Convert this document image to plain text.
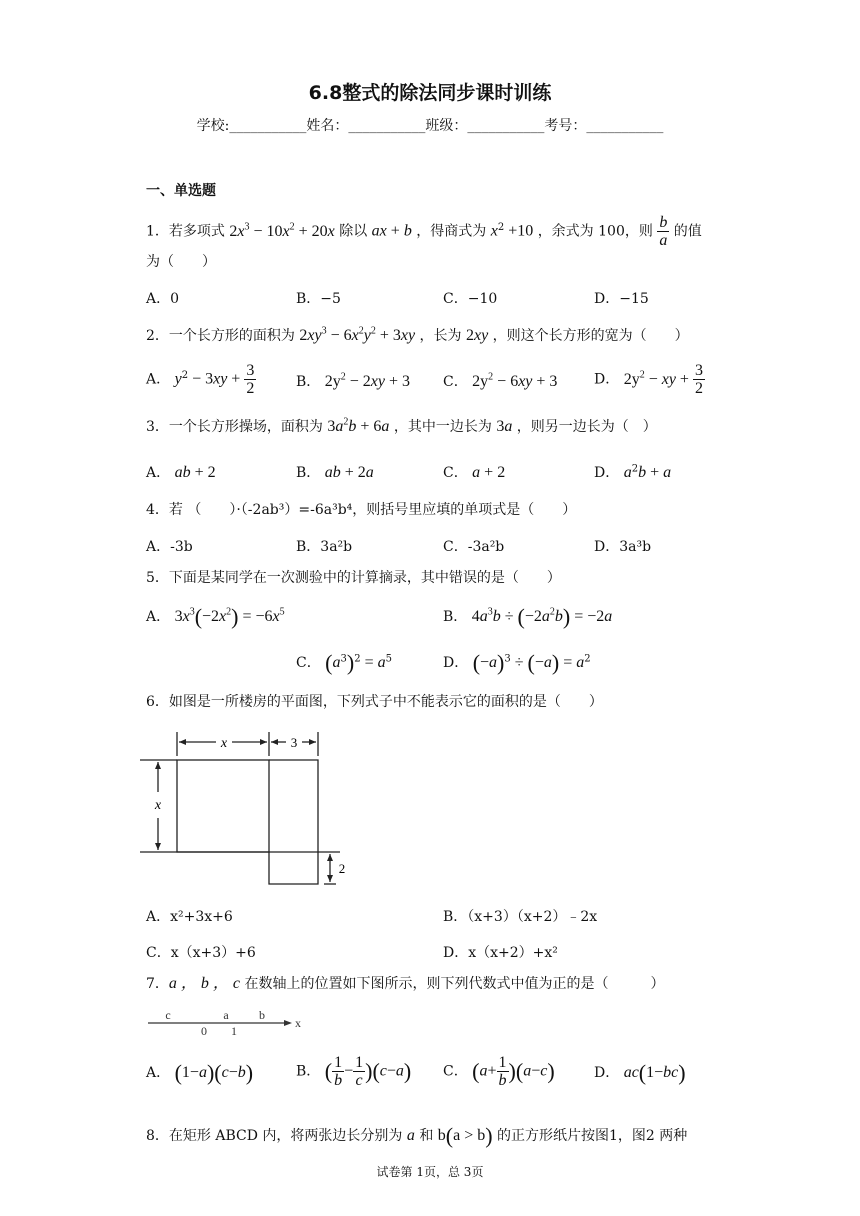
6.8整式的除法同步课时训练
学校:___________姓名：___________班级：___________考号：___________
一、单选题
1．若多项式 $2x^3 - 10x^2 + 20x$ 除以 ax + b ，得商式为 $x^2 +10$ ，余式为 100，则 $\frac{b}{a}$ 的值
为（　　）
A．0	B．−5	C．−10	D．−15
2．一个长方形的面积为 $2xy^3 - 6x^2y^2 + 3xy$ ，长为 2xy ，则这个长方形的宽为（　　）
A． $y^2 - 3xy + \frac{3}{2}$	B． $2y^2 - 2xy + 3$ C． $2y^2 - 6xy + 3$	D． $2y^2$ − xy + $\frac{3}{2}$
3．一个长方形操场，面积为 $3a^2b + 6a$ ，其中一边长为 3a ，则另一边长为（　）
A． ab + 2	B． ab + 2a	C． a + 2	D． $a^2b + a$
4．若 （　　）·（-2ab³）=-6a³b⁴，则括号里应填的单项式是（　　）
A．-3b	B．3a²b	C．-3a²b	D．3a³b
5．下面是某同学在一次测验中的计算摘录，其中错误的是（　　）
A． $3x^3(-2x^2) = -6x^5$	B． $4a^3b \div (-2a^2b) = -2a$
C． $(a^3)^2 = a^5$	D． $(-a)^3 \div (-a) = a^2$
6．如图是一所楼房的平面图，下列式子中不能表示它的面积的是（　　）
x	3
x
2
A．x²+3x+6	B．（x+3）（x+2）﹣2x
C．x（x+3）+6	D．x（x+2）+x²
7．a ， b ， c 在数轴上的位置如下图所示，则下列代数式中值为正的是（　　　）
c
0
a
1
b
x
A． (1−a)(c−b)	B． ( $\frac{1}{b} - \frac{1}{c} )(c-a)$ C． $(a+ \frac{1}{b} )(a-c)$	D． ac(1−bc)
8．在矩形 ABCD 内，将两张边长分别为 a 和 b(a > b) 的正方形纸片按图1，图2 两种
试卷第 1页，总 3页
